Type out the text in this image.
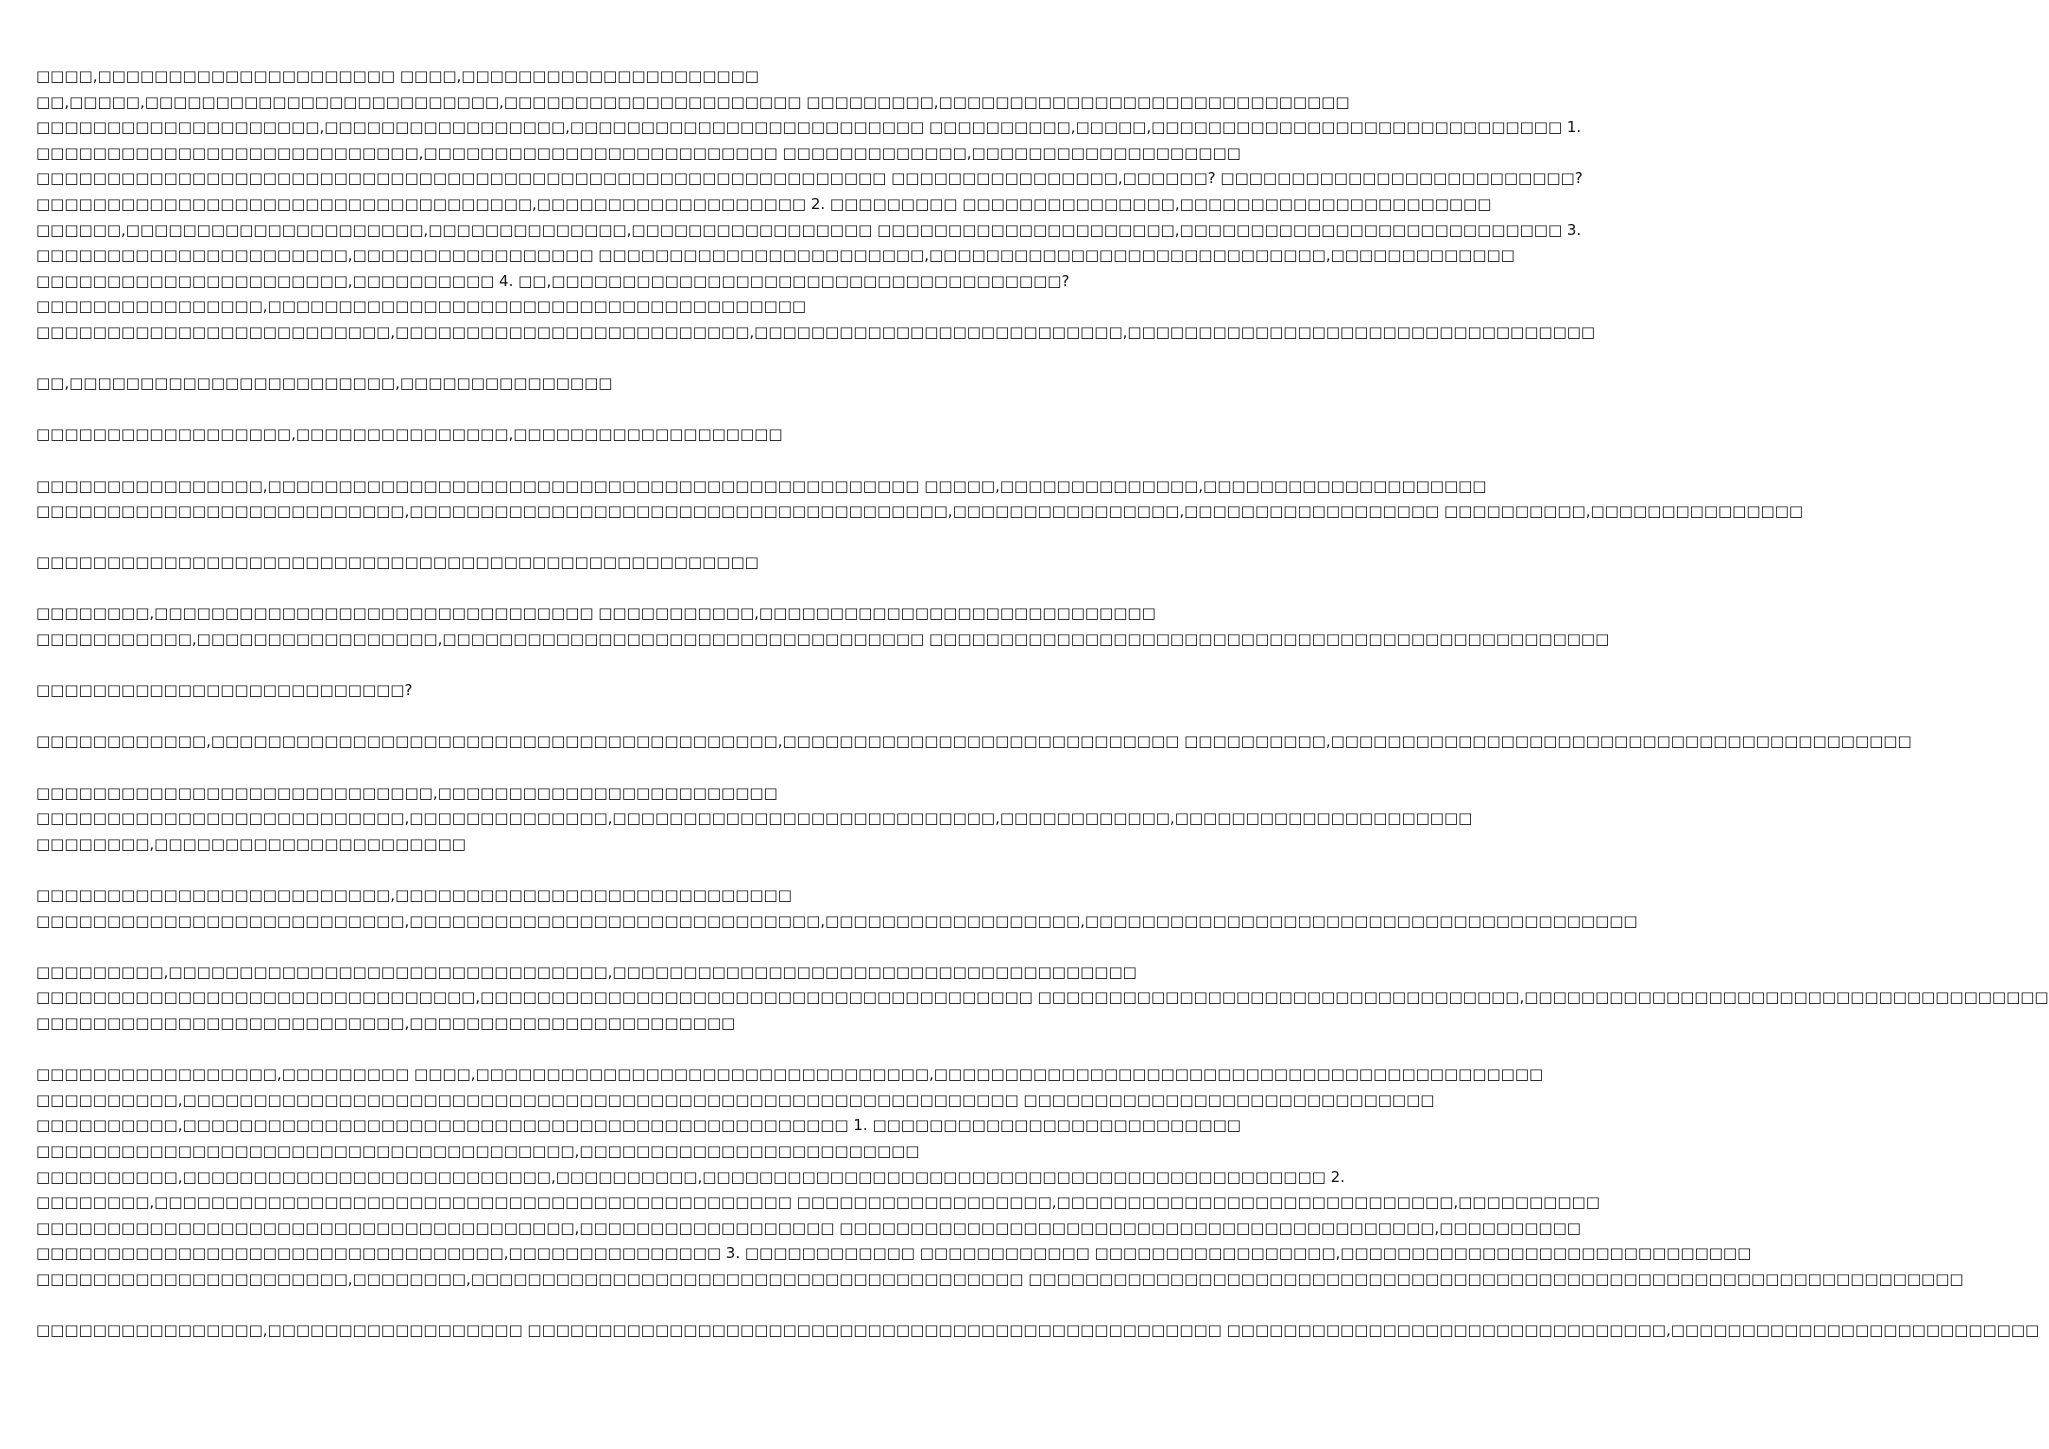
□□□□,□□□□□□□□□□□□□□□□□□□□□ □□□□,□□□□□□□□□□□□□□□□□□□□□
□□,□□□□□,□□□□□□□□□□□□□□□□□□□□□□□□□,□□□□□□□□□□□□□□□□□□□□□ □□□□□□□□□,□□□□□□□□□□□□□□□□□□□□□□□□□□□□□
□□□□□□□□□□□□□□□□□□□□,□□□□□□□□□□□□□□□□□,□□□□□□□□□□□□□□□□□□□□□□□□□ □□□□□□□□□□,□□□□□,□□□□□□□□□□□□□□□□□□□□□□□□□□□□□ 1.
□□□□□□□□□□□□□□□□□□□□□□□□□□□,□□□□□□□□□□□□□□□□□□□□□□□□□ □□□□□□□□□□□□□,□□□□□□□□□□□□□□□□□□□
□□□□□□□□□□□□□□□□□□□□□□□□□□□□□□□□□□□□□□□□□□□□□□□□□□□□□□□□□□□□ □□□□□□□□□□□□□□□□,□□□□□□? □□□□□□□□□□□□□□□□□□□□□□□□□?
□□□□□□□□□□□□□□□□□□□□□□□□□□□□□□□□□□□,□□□□□□□□□□□□□□□□□□□ 2. □□□□□□□□□ □□□□□□□□□□□□□□□,□□□□□□□□□□□□□□□□□□□□□□
□□□□□□,□□□□□□□□□□□□□□□□□□□□□,□□□□□□□□□□□□□□,□□□□□□□□□□□□□□□□□ □□□□□□□□□□□□□□□□□□□□□,□□□□□□□□□□□□□□□□□□□□□□□□□□□ 3.
□□□□□□□□□□□□□□□□□□□□□□,□□□□□□□□□□□□□□□□□ □□□□□□□□□□□□□□□□□□□□□□□,□□□□□□□□□□□□□□□□□□□□□□□□□□□□,□□□□□□□□□□□□□
□□□□□□□□□□□□□□□□□□□□□□,□□□□□□□□□□ 4. □□,□□□□□□□□□□□□□□□□□□□□□□□□□□□□□□□□□□□□?
□□□□□□□□□□□□□□□□,□□□□□□□□□□□□□□□□□□□□□□□□□□□□□□□□□□□□□□
□□□□□□□□□□□□□□□□□□□□□□□□□,□□□□□□□□□□□□□□□□□□□□□□□□□,□□□□□□□□□□□□□□□□□□□□□□□□□□,□□□□□□□□□□□□□□□□□□□□□□□□□□□□□□□□□
□□,□□□□□□□□□□□□□□□□□□□□□□□,□□□□□□□□□□□□□□□
□□□□□□□□□□□□□□□□□□,□□□□□□□□□□□□□□□,□□□□□□□□□□□□□□□□□□□
□□□□□□□□□□□□□□□□,□□□□□□□□□□□□□□□□□□□□□□□□□□□□□□□□□□□□□□□□□□□□□□ □□□□□,□□□□□□□□□□□□□□,□□□□□□□□□□□□□□□□□□□□
□□□□□□□□□□□□□□□□□□□□□□□□□□,□□□□□□□□□□□□□□□□□□□□□□□□□□□□□□□□□□□□□□,□□□□□□□□□□□□□□□□,□□□□□□□□□□□□□□□□□□ □□□□□□□□□□,□□□□□□□□□□□□□□□
□□□□□□□□□□□□□□□□□□□□□□□□□□□□□□□□□□□□□□□□□□□□□□□□□□□
□□□□□□□□,□□□□□□□□□□□□□□□□□□□□□□□□□□□□□□□ □□□□□□□□□□□,□□□□□□□□□□□□□□□□□□□□□□□□□□□□
□□□□□□□□□□□,□□□□□□□□□□□□□□□□□,□□□□□□□□□□□□□□□□□□□□□□□□□□□□□□□□□□ □□□□□□□□□□□□□□□□□□□□□□□□□□□□□□□□□□□□□□□□□□□□□□□□
□□□□□□□□□□□□□□□□□□□□□□□□□□?
□□□□□□□□□□□□,□□□□□□□□□□□□□□□□□□□□□□□□□□□□□□□□□□□□□□□□,□□□□□□□□□□□□□□□□□□□□□□□□□□□□ □□□□□□□□□□,□□□□□□□□□□□□□□□□□□□□□□□□□□□□□□□□□□□□□□□□□
□□□□□□□□□□□□□□□□□□□□□□□□□□□□,□□□□□□□□□□□□□□□□□□□□□□□□
□□□□□□□□□□□□□□□□□□□□□□□□□□,□□□□□□□□□□□□□□,□□□□□□□□□□□□□□□□□□□□□□□□□□□,□□□□□□□□□□□□,□□□□□□□□□□□□□□□□□□□□□
□□□□□□□□,□□□□□□□□□□□□□□□□□□□□□□
□□□□□□□□□□□□□□□□□□□□□□□□□,□□□□□□□□□□□□□□□□□□□□□□□□□□□□
□□□□□□□□□□□□□□□□□□□□□□□□□□,□□□□□□□□□□□□□□□□□□□□□□□□□□□□□,□□□□□□□□□□□□□□□□□□,□□□□□□□□□□□□□□□□□□□□□□□□□□□□□□□□□□□□□□□
□□□□□□□□□,□□□□□□□□□□□□□□□□□□□□□□□□□□□□□□□,□□□□□□□□□□□□□□□□□□□□□□□□□□□□□□□□□□□□□
□□□□□□□□□□□□□□□□□□□□□□□□□□□□□□□,□□□□□□□□□□□□□□□□□□□□□□□□□□□□□□□□□□□□□□□ □□□□□□□□□□□□□□□□□□□□□□□□□□□□□□□□□□,□□□□□□□□□□□□□□□□□□□□□□□□□□□□□□□□□□□□□
□□□□□□□□□□□□□□□□□□□□□□□□□□,□□□□□□□□□□□□□□□□□□□□□□□
□□□□□□□□□□□□□□□□□,□□□□□□□□□ □□□□,□□□□□□□□□□□□□□□□□□□□□□□□□□□□□□□□,□□□□□□□□□□□□□□□□□□□□□□□□□□□□□□□□□□□□□□□□□□□
□□□□□□□□□□,□□□□□□□□□□□□□□□□□□□□□□□□□□□□□□□□□□□□□□□□□□□□□□□□□□□□□□□□□□□ □□□□□□□□□□□□□□□□□□□□□□□□□□□□□
□□□□□□□□□□,□□□□□□□□□□□□□□□□□□□□□□□□□□□□□□□□□□□□□□□□□□□□□□□ 1. □□□□□□□□□□□□□□□□□□□□□□□□□□
□□□□□□□□□□□□□□□□□□□□□□□□□□□□□□□□□□□□□□,□□□□□□□□□□□□□□□□□□□□□□□□
□□□□□□□□□□,□□□□□□□□□□□□□□□□□□□□□□□□□□,□□□□□□□□□□,□□□□□□□□□□□□□□□□□□□□□□□□□□□□□□□□□□□□□□□□□□□□ 2.
□□□□□□□□,□□□□□□□□□□□□□□□□□□□□□□□□□□□□□□□□□□□□□□□□□□□□□ □□□□□□□□□□□□□□□□□□,□□□□□□□□□□□□□□□□□□□□□□□□□□□□,□□□□□□□□□□
□□□□□□□□□□□□□□□□□□□□□□□□□□□□□□□□□□□□□□,□□□□□□□□□□□□□□□□□□ □□□□□□□□□□□□□□□□□□□□□□□□□□□□□□□□□□□□□□□□□□,□□□□□□□□□□
□□□□□□□□□□□□□□□□□□□□□□□□□□□□□□□□□,□□□□□□□□□□□□□□□ 3. □□□□□□□□□□□□ □□□□□□□□□□□□ □□□□□□□□□□□□□□□□□,□□□□□□□□□□□□□□□□□□□□□□□□□□□□□
□□□□□□□□□□□□□□□□□□□□□□,□□□□□□□□,□□□□□□□□□□□□□□□□□□□□□□□□□□□□□□□□□□□□□□□ □□□□□□□□□□□□□□□□□□□□□□□□□□□□□□□□□□□□□□□□□□□□□□□□□□□□□□□□□□□□□□□□□□
□□□□□□□□□□□□□□□□,□□□□□□□□□□□□□□□□□□ □□□□□□□□□□□□□□□□□□□□□□□□□□□□□□□□□□□□□□□□□□□□□□□□□ □□□□□□□□□□□□□□□□□□□□□□□□□□□□□□□,□□□□□□□□□□□□□□□□□□□□□□□□□□
